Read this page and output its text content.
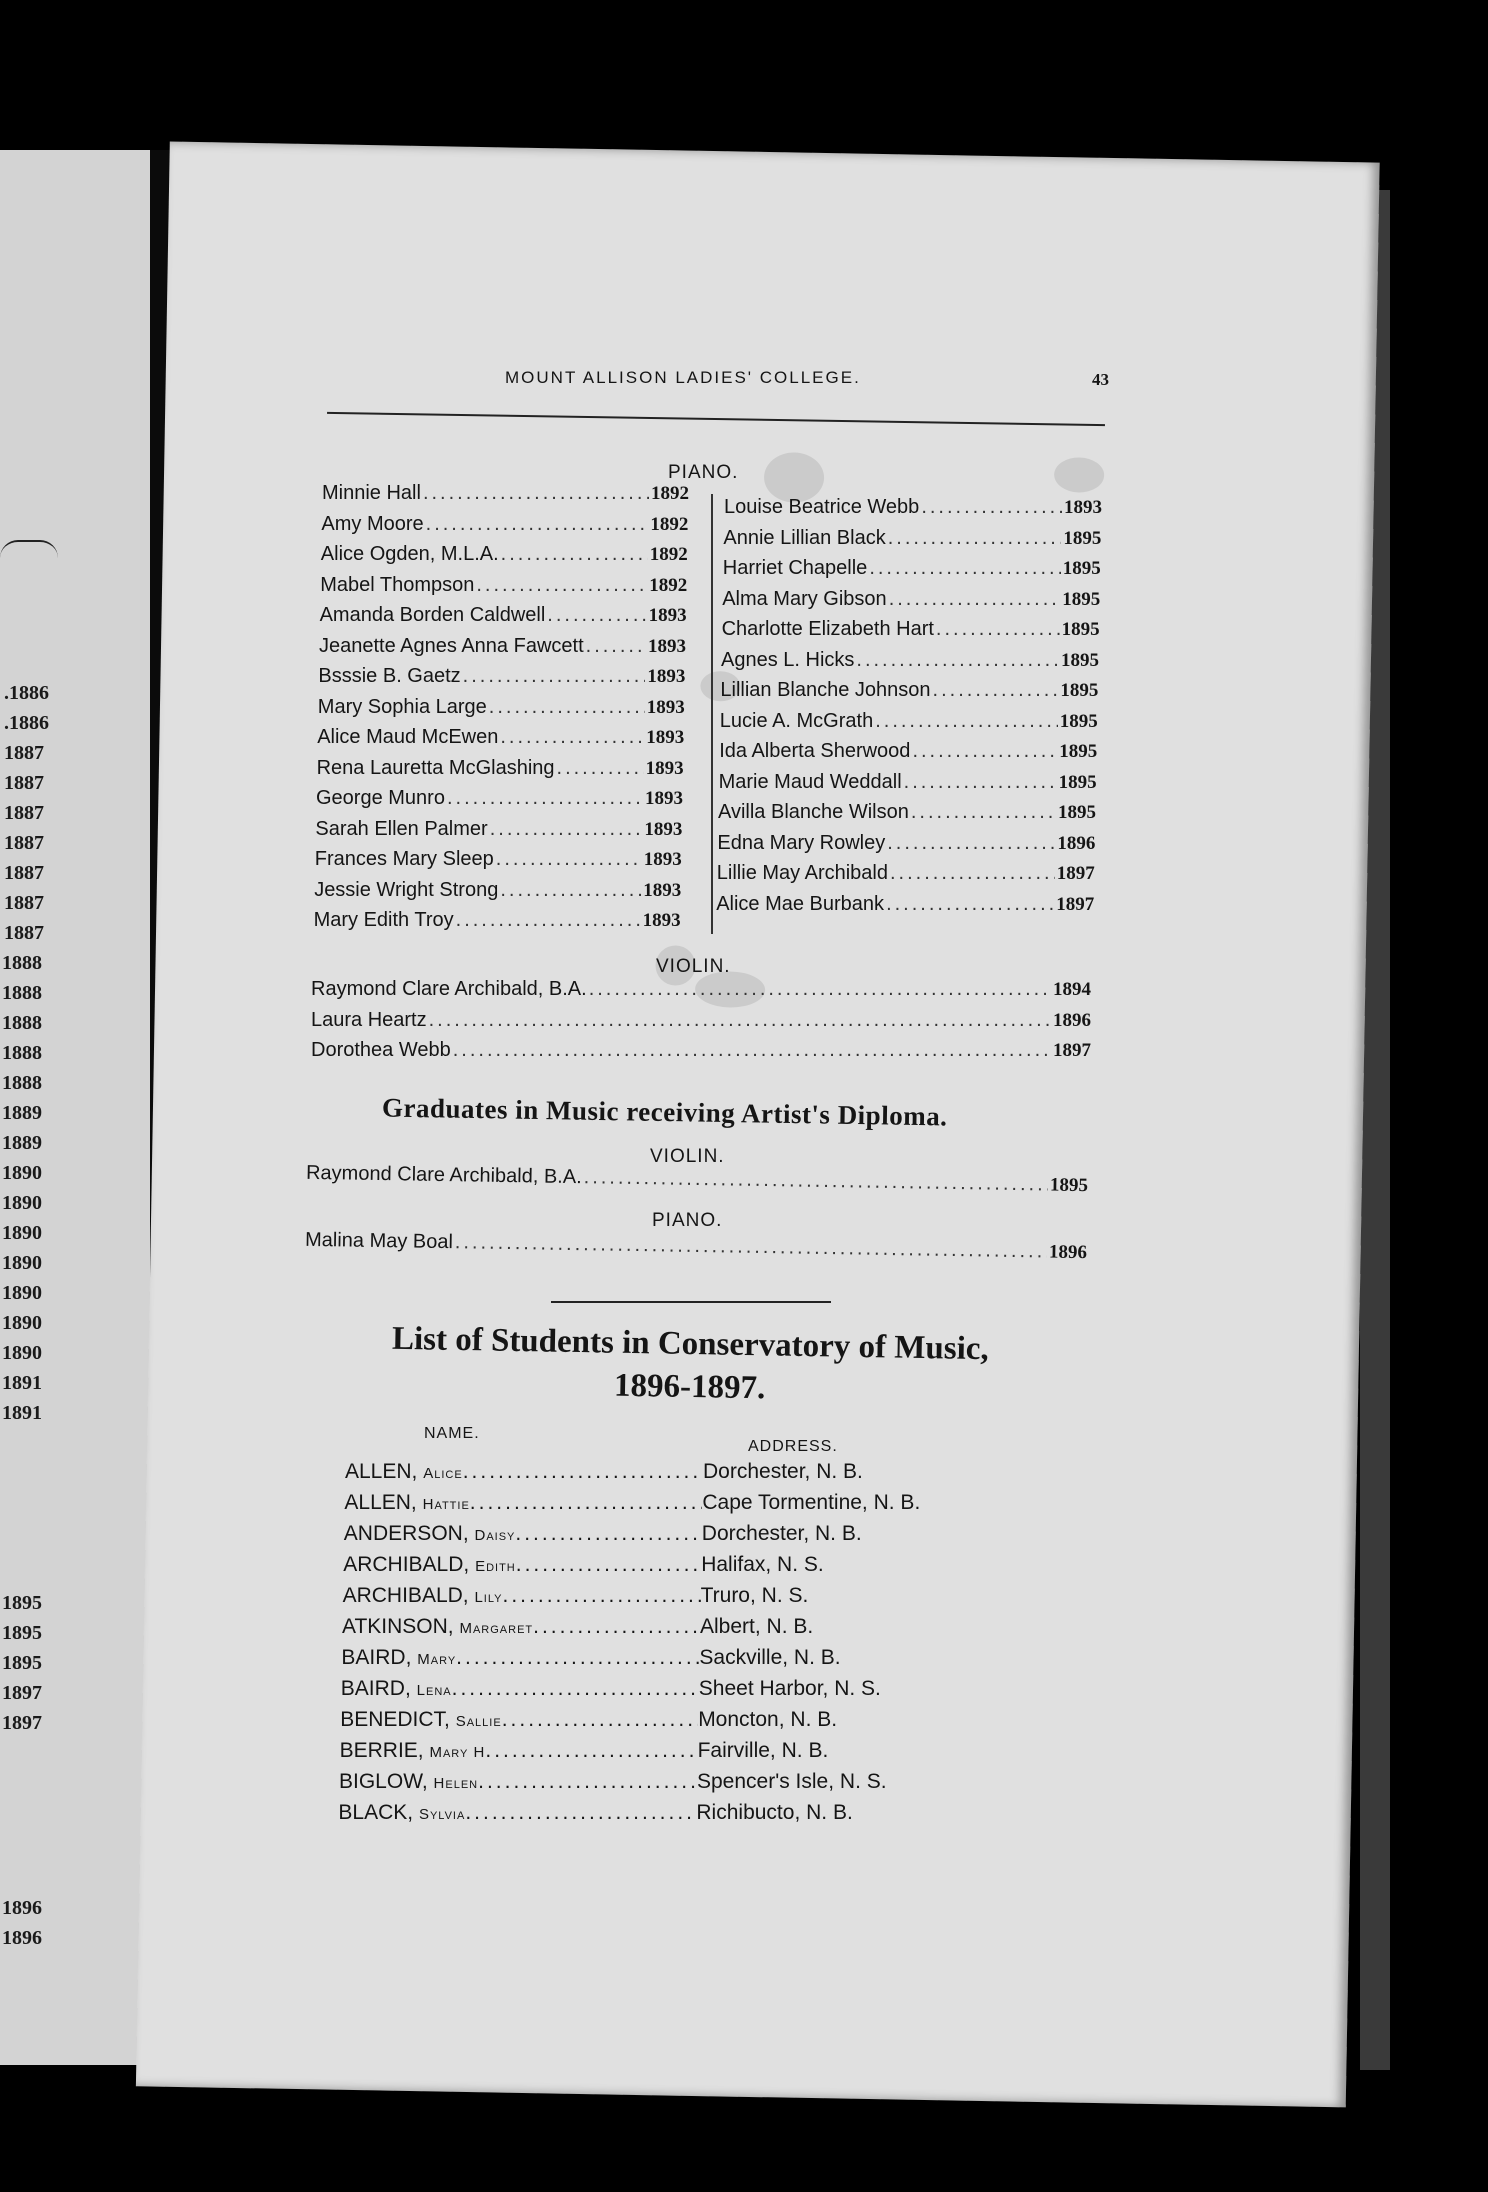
.1886
.1886
1887
1887
1887
1887
1887
1887
1887
1888
1888
1888
1888
1888
1889
1889
1890
1890
1890
1890
1890
1890
1890
1891
1891
1895
1895
1895
1897
1897
1896
1896
MOUNT ALLISON LADIES' COLLEGE.	43
PIANO.
Minnie Hall .....	1892
Amy Moore .....	1892
Alice Ogden, M.L.A. .....	1892
Mabel Thompson .....	1892
Amanda Borden Caldwell .....	1893
Jeanette Agnes Anna Fawcett .....	1893
Bsssie B. Gaetz .....	1893
Mary Sophia Large .....	1893
Alice Maud McEwen .....	1893
Rena Lauretta McGlashing .....	1893
George Munro .....	1893
Sarah Ellen Palmer .....	1893
Frances Mary Sleep .....	1893
Jessie Wright Strong .....	1893
Mary Edith Troy .....	1893
Louise Beatrice Webb .....	1893
Annie Lillian Black .....	1895
Harriet Chapelle .....	1895
Alma Mary Gibson .....	1895
Charlotte Elizabeth Hart .....	1895
Agnes L. Hicks .....	1895
Lillian Blanche Johnson .....	1895
Lucie A. McGrath .....	1895
Ida Alberta Sherwood .....	1895
Marie Maud Weddall .....	1895
Avilla Blanche Wilson .....	1895
Edna Mary Rowley .....	1896
Lillie May Archibald .....	1897
Alice Mae Burbank .....	1897
VIOLIN.
Raymond Clare Archibald, B.A. .....	1894
Laura Heartz .....	1896
Dorothea Webb .....	1897
Graduates in Music receiving Artist's Diploma.
VIOLIN.
Raymond Clare Archibald, B.A. .....	1895
PIANO.
Malina May Boal .....	1896
List of Students in Conservatory of Music,
1896-1897.
NAME.
ADDRESS.
ALLEN, Alice .....	Dorchester, N. B.
ALLEN, Hattie .....	Cape Tormentine, N. B.
ANDERSON, Daisy .....	Dorchester, N. B.
ARCHIBALD, Edith .....	Halifax, N. S.
ARCHIBALD, Lily .....	Truro, N. S.
ATKINSON, Margaret .....	Albert, N. B.
BAIRD, Mary .....	Sackville, N. B.
BAIRD, Lena .....	Sheet Harbor, N. S.
BENEDICT, Sallie .....	Moncton, N. B.
BERRIE, Mary H .....	Fairville, N. B.
BIGLOW, Helen .....	Spencer's Isle, N. S.
BLACK, Sylvia .....	Richibucto, N. B.
